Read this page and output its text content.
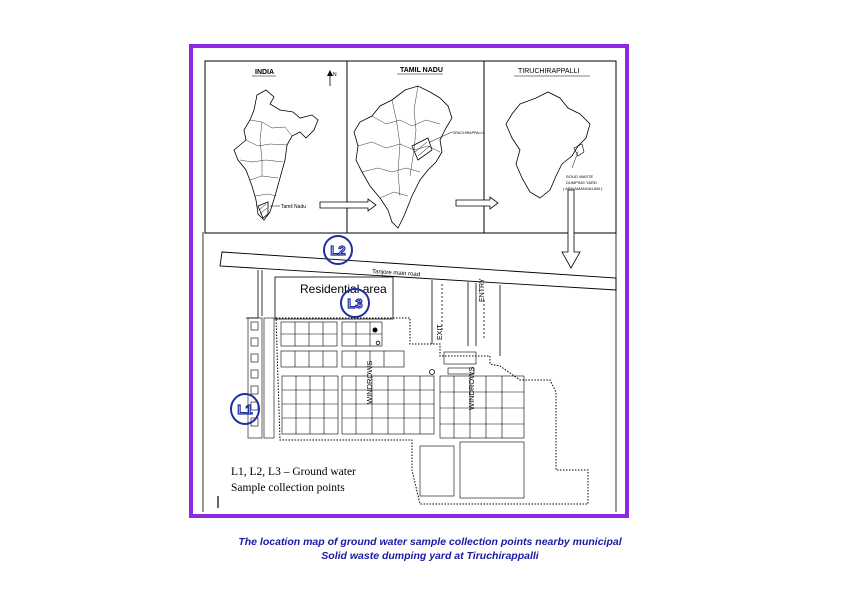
INDIA	N
Tamil Nadu
TAMIL NADU
TIRUCHIRAPPALLI
TIRUCHIRAPPALLI
SOLID WASTE
DUMPING YARD
( ARIYAMANGALAM )
Tanjore main road
Residential area
EXIT
ENTRY
WINDROWS	WINDROWS
L2
L3
L1
L1, L2, L3 – Ground water
Sample collection points
The location map of ground water sample collection points nearby municipal
Solid waste dumping yard at Tiruchirappalli
